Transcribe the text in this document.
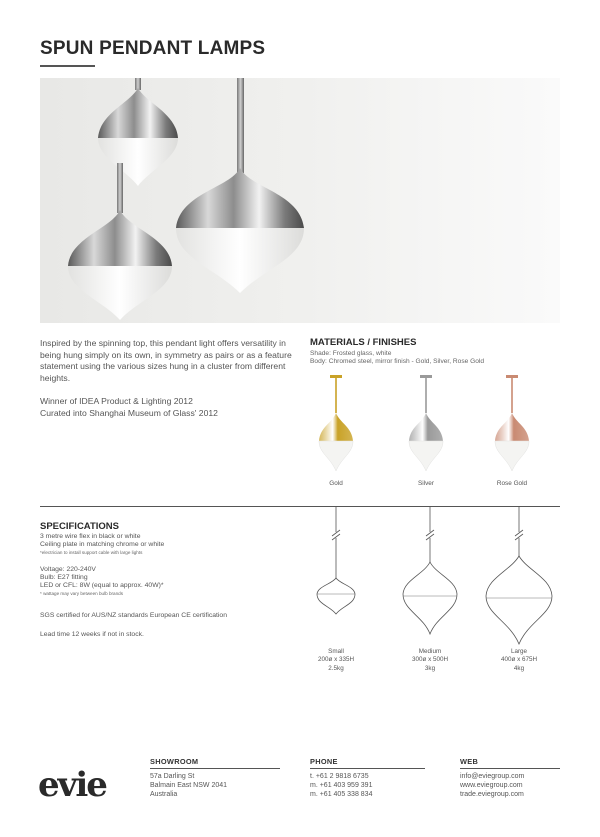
SPUN PENDANT LAMPS
Inspired by the spinning top, this pendant light offers versatility in being hung simply on its own, in symmetry as pairs or as a feature statement using the various sizes hung in a cluster from different heights.
Winner of IDEA Product & Lighting 2012
Curated into Shanghai Museum of Glass' 2012
MATERIALS / FINISHES
Shade: Frosted glass, white
Body: Chromed steel, mirror finish - Gold, Silver, Rose Gold
Gold	Silver	Rose Gold
SPECIFICATIONS
3 metre wire flex in black or white
Ceiling plate in matching chrome or white
*electrician to install support cable with large lights
Voltage: 220-240V
Bulb: E27 fitting
LED or CFL: 8W (equal to approx. 40W)*
* wattage may vary between bulb brands
SGS certified for AUS/NZ standards European CE certification
Lead time 12 weeks if not in stock.
Small
200ø x 335H
2.5kg
Medium
300ø x 500H
3kg
Large
400ø x 675H
4kg
evie
SHOWROOM
57a Darling St
Balmain East NSW 2041
Australia
PHONE
t. +61 2 9818 6735
m. +61 403 959 391
m. +61 405 338 834
WEB
info@eviegroup.com
www.eviegroup.com
trade.eviegroup.com
